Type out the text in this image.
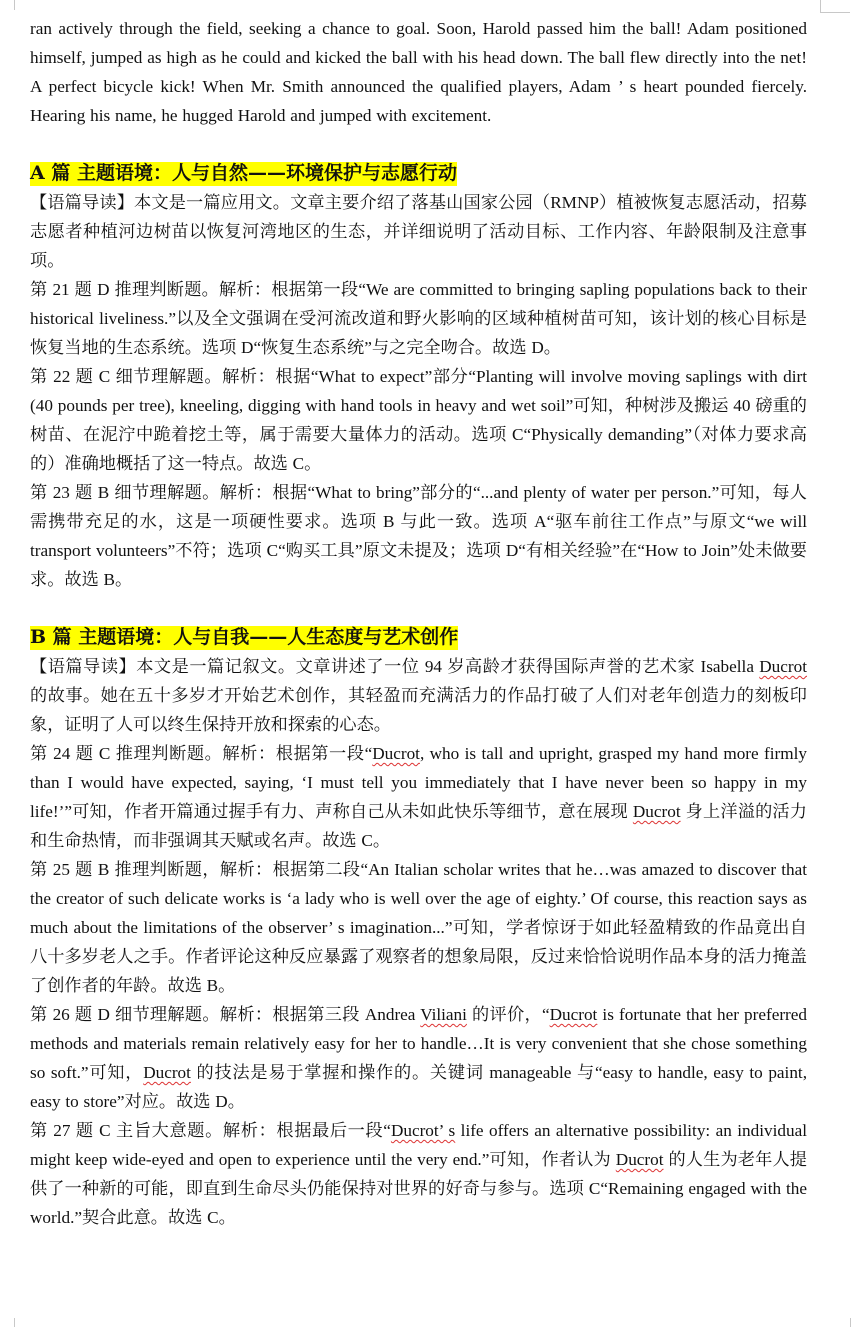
ran actively through the field, seeking a chance to goal. Soon, Harold passed him the ball! Adam positioned himself, jumped as high as he could and kicked the ball with his head down. The ball flew directly into the net! A perfect bicycle kick! When Mr. Smith announced the qualified players, Adam ’ s heart pounded fiercely. Hearing his name, he hugged Harold and jumped with excitement.

A 篇 主题语境：人与自然——环境保护与志愿行动

【语篇导读】本文是一篇应用文。文章主要介绍了落基山国家公园（RMNP）植被恢复志愿活动，招募志愿者种植河边树苗以恢复河湾地区的生态，并详细说明了活动目标、工作内容、年龄限制及注意事项。

第 21 题 D 推理判断题。解析：根据第一段“We are committed to bringing sapling populations back to their historical liveliness.”以及全文强调在受河流改道和野火影响的区域种植树苗可知，该计划的核心目标是恢复当地的生态系统。选项 D“恢复生态系统”与之完全吻合。故选 D。

第 22 题 C 细节理解题。解析：根据“What to expect”部分“Planting will involve moving saplings with dirt (40 pounds per tree), kneeling, digging with hand tools in heavy and wet soil”可知，种树涉及搬运 40 磅重的树苗、在泥泞中跪着挖土等，属于需要大量体力的活动。选项 C“Physically demanding”（对体力要求高的）准确地概括了这一特点。故选 C。

第 23 题 B 细节理解题。解析：根据“What to bring”部分的“...and plenty of water per person.”可知，每人需携带充足的水，这是一项硬性要求。选项 B 与此一致。选项 A“驱车前往工作点”与原文“we will transport volunteers”不符；选项 C“购买工具”原文未提及；选项 D“有相关经验”在“How to Join”处未做要求。故选 B。

B 篇 主题语境：人与自我——人生态度与艺术创作

【语篇导读】本文是一篇记叙文。文章讲述了一位 94 岁高龄才获得国际声誉的艺术家 Isabella Ducrot 的故事。她在五十多岁才开始艺术创作，其轻盈而充满活力的作品打破了人们对老年创造力的刻板印象，证明了人可以终生保持开放和探索的心态。

第 24 题 C 推理判断题。解析：根据第一段“Ducrot, who is tall and upright, grasped my hand more firmly than I would have expected, saying, ‘I must tell you immediately that I have never been so happy in my life!’”可知，作者开篇通过握手有力、声称自己从未如此快乐等细节，意在展现 Ducrot 身上洋溢的活力和生命热情，而非强调其天赋或名声。故选 C。

第 25 题 B 推理判断题，解析：根据第二段“An Italian scholar writes that he…was amazed to discover that the creator of such delicate works is ‘a lady who is well over the age of eighty.’ Of course, this reaction says as much about the limitations of the observer’ s imagination...”可知，学者惊讶于如此轻盈精致的作品竟出自八十多岁老人之手。作者评论这种反应暴露了观察者的想象局限，反过来恰恰说明作品本身的活力掩盖了创作者的年龄。故选 B。

第 26 题 D 细节理解题。解析：根据第三段 Andrea Viliani 的评价，“Ducrot is fortunate that her preferred methods and materials remain relatively easy for her to handle…It is very convenient that she chose something so soft.”可知，Ducrot 的技法是易于掌握和操作的。关键词 manageable 与“easy to handle, easy to paint, easy to store”对应。故选 D。

第 27 题 C 主旨大意题。解析：根据最后一段“Ducrot’ s life offers an alternative possibility: an individual might keep wide-eyed and open to experience until the very end.”可知，作者认为 Ducrot 的人生为老年人提供了一种新的可能，即直到生命尽头仍能保持对世界的好奇与参与。选项 C“Remaining engaged with the world.”契合此意。故选 C。
